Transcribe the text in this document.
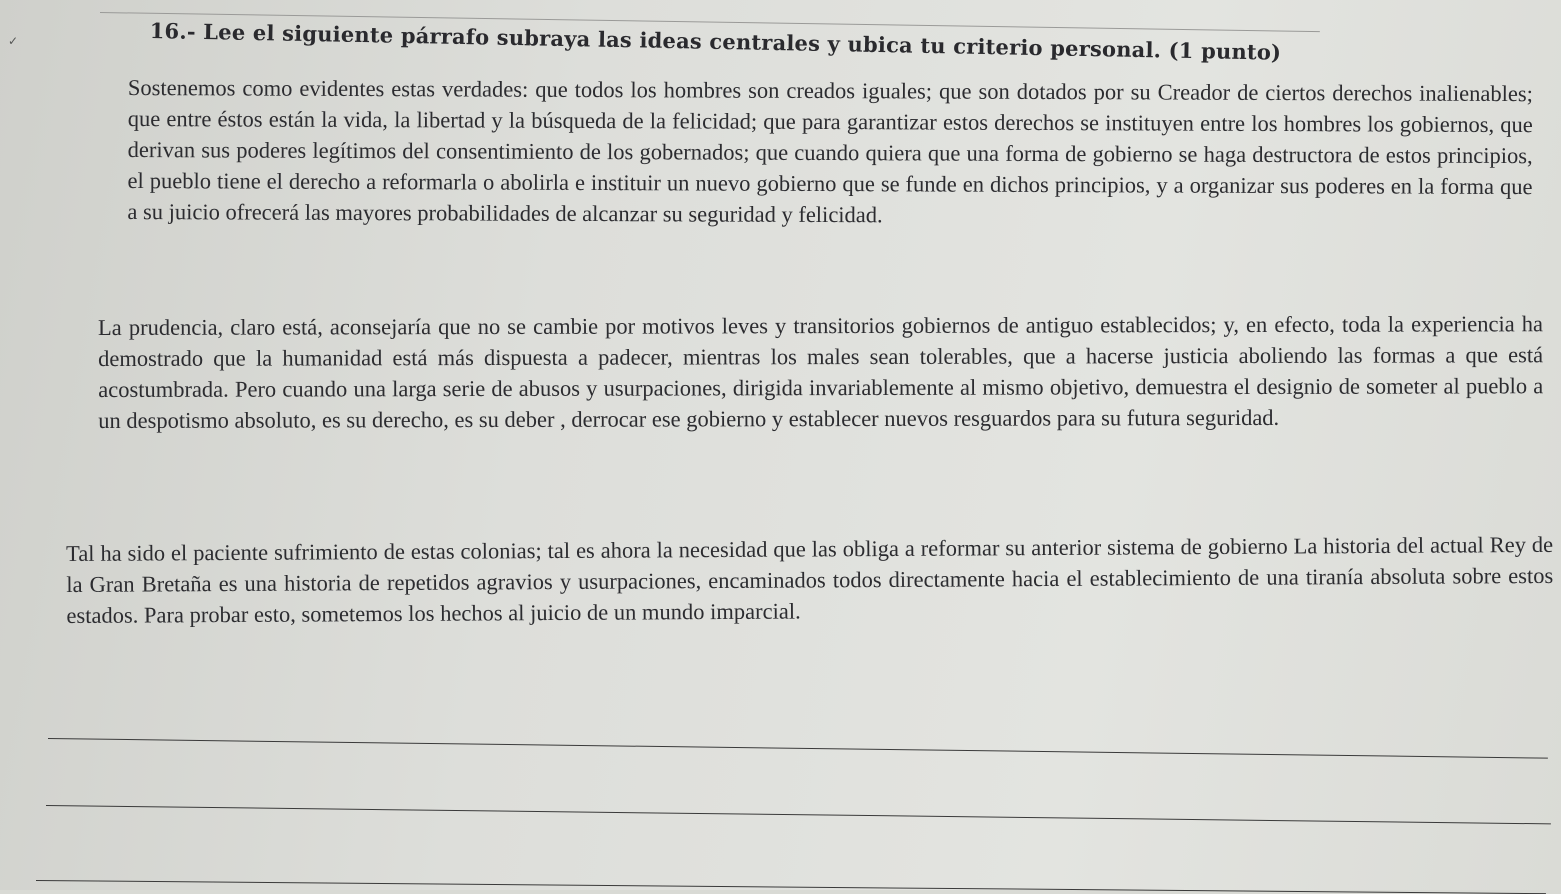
✓	16.- Lee el siguiente párrafo subraya las ideas centrales y ubica tu criterio personal. (1 punto)

Sostenemos como evidentes estas verdades: que todos los hombres son creados iguales; que son dotados por su Creador de ciertos derechos inalienables; que entre éstos están la vida, la libertad y la búsqueda de la felicidad; que para garantizar estos derechos se instituyen entre los hombres los gobiernos, que derivan sus poderes legítimos del consentimiento de los gobernados; que cuando quiera que una forma de gobierno se haga destructora de estos principios, el pueblo tiene el derecho a reformarla o abolirla e instituir un nuevo gobierno que se funde en dichos principios, y a organizar sus poderes en la forma que a su juicio ofrecerá las mayores probabilidades de alcanzar su seguridad y felicidad.

La prudencia, claro está, aconsejaría que no se cambie por motivos leves y transitorios gobiernos de antiguo establecidos; y, en efecto, toda la experiencia ha demostrado que la humanidad está más dispuesta a padecer, mientras los males sean tolerables, que a hacerse justicia aboliendo las formas a que está acostumbrada. Pero cuando una larga serie de abusos y usurpaciones, dirigida invariablemente al mismo objetivo, demuestra el designio de someter al pueblo a un despotismo absoluto, es su derecho, es su deber , derrocar ese gobierno y establecer nuevos resguardos para su futura seguridad.

Tal ha sido el paciente sufrimiento de estas colonias; tal es ahora la necesidad que las obliga a reformar su anterior sistema de gobierno La historia del actual Rey de la Gran Bretaña es una historia de repetidos agravios y usurpaciones, encaminados todos directamente hacia el establecimiento de una tiranía absoluta sobre estos estados. Para probar esto, sometemos los hechos al juicio de un mundo imparcial.
